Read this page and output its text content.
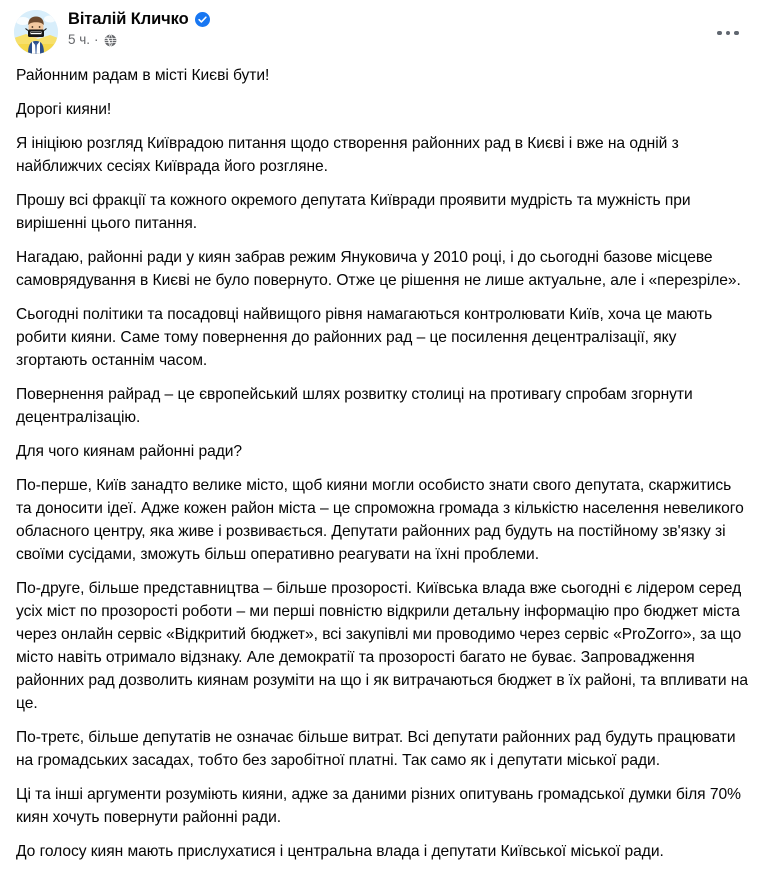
Віталій Кличко
5 ч. ·

Районним радам в місті Києві бути!

Дорогі кияни!

Я ініціюю розгляд Київрадою питання щодо створення районних рад в Києві і вже на одній з найближчих сесіях Київрада його розгляне.

Прошу всі фракції та кожного окремого депутата Київради проявити мудрість та мужність при вирішенні цього питання.

Нагадаю, районні ради у киян забрав режим Януковича у 2010 році, і до сьогодні базове місцеве самоврядування в Києві не було повернуто. Отже це рішення не лише актуальне, але і «перезріле».

Сьогодні політики та посадовці найвищого рівня намагаються контролювати Київ, хоча це мають робити кияни. Саме тому повернення до районних рад – це посилення децентралізації, яку згортають останнім часом.

Повернення райрад – це європейський шлях розвитку столиці на противагу спробам згорнути децентралізацію.

Для чого киянам районні ради?

По-перше, Київ занадто велике місто, щоб кияни могли особисто знати свого депутата, скаржитись та доносити ідеї. Адже кожен район міста – це спроможна громада з кількістю населення невеликого обласного центру, яка живе і розвивається. Депутати районних рад будуть на постійному зв'язку зі своїми сусідами, зможуть більш оперативно реагувати на їхні проблеми.

По-друге, більше представництва – більше прозорості. Київська влада вже сьогодні є лідером серед усіх міст по прозорості роботи – ми перші повністю відкрили детальну інформацію про бюджет міста через онлайн сервіс «Відкритий бюджет», всі закупівлі ми проводимо через сервіс «ProZorro», за що місто навіть отримало відзнаку. Але демократії та прозорості багато не буває. Запровадження районних рад дозволить киянам розуміти на що і як витрачаються бюджет в їх районі, та впливати на це.

По-третє, більше депутатів не означає більше витрат. Всі депутати районних рад будуть працювати на громадських засадах, тобто без заробітної платні. Так само як і депутати міської ради.

Ці та інші аргументи розуміють кияни, адже за даними різних опитувань громадської думки біля 70% киян хочуть повернути районні ради.

До голосу киян мають прислухатися і центральна влада і депутати Київської міської ради.
